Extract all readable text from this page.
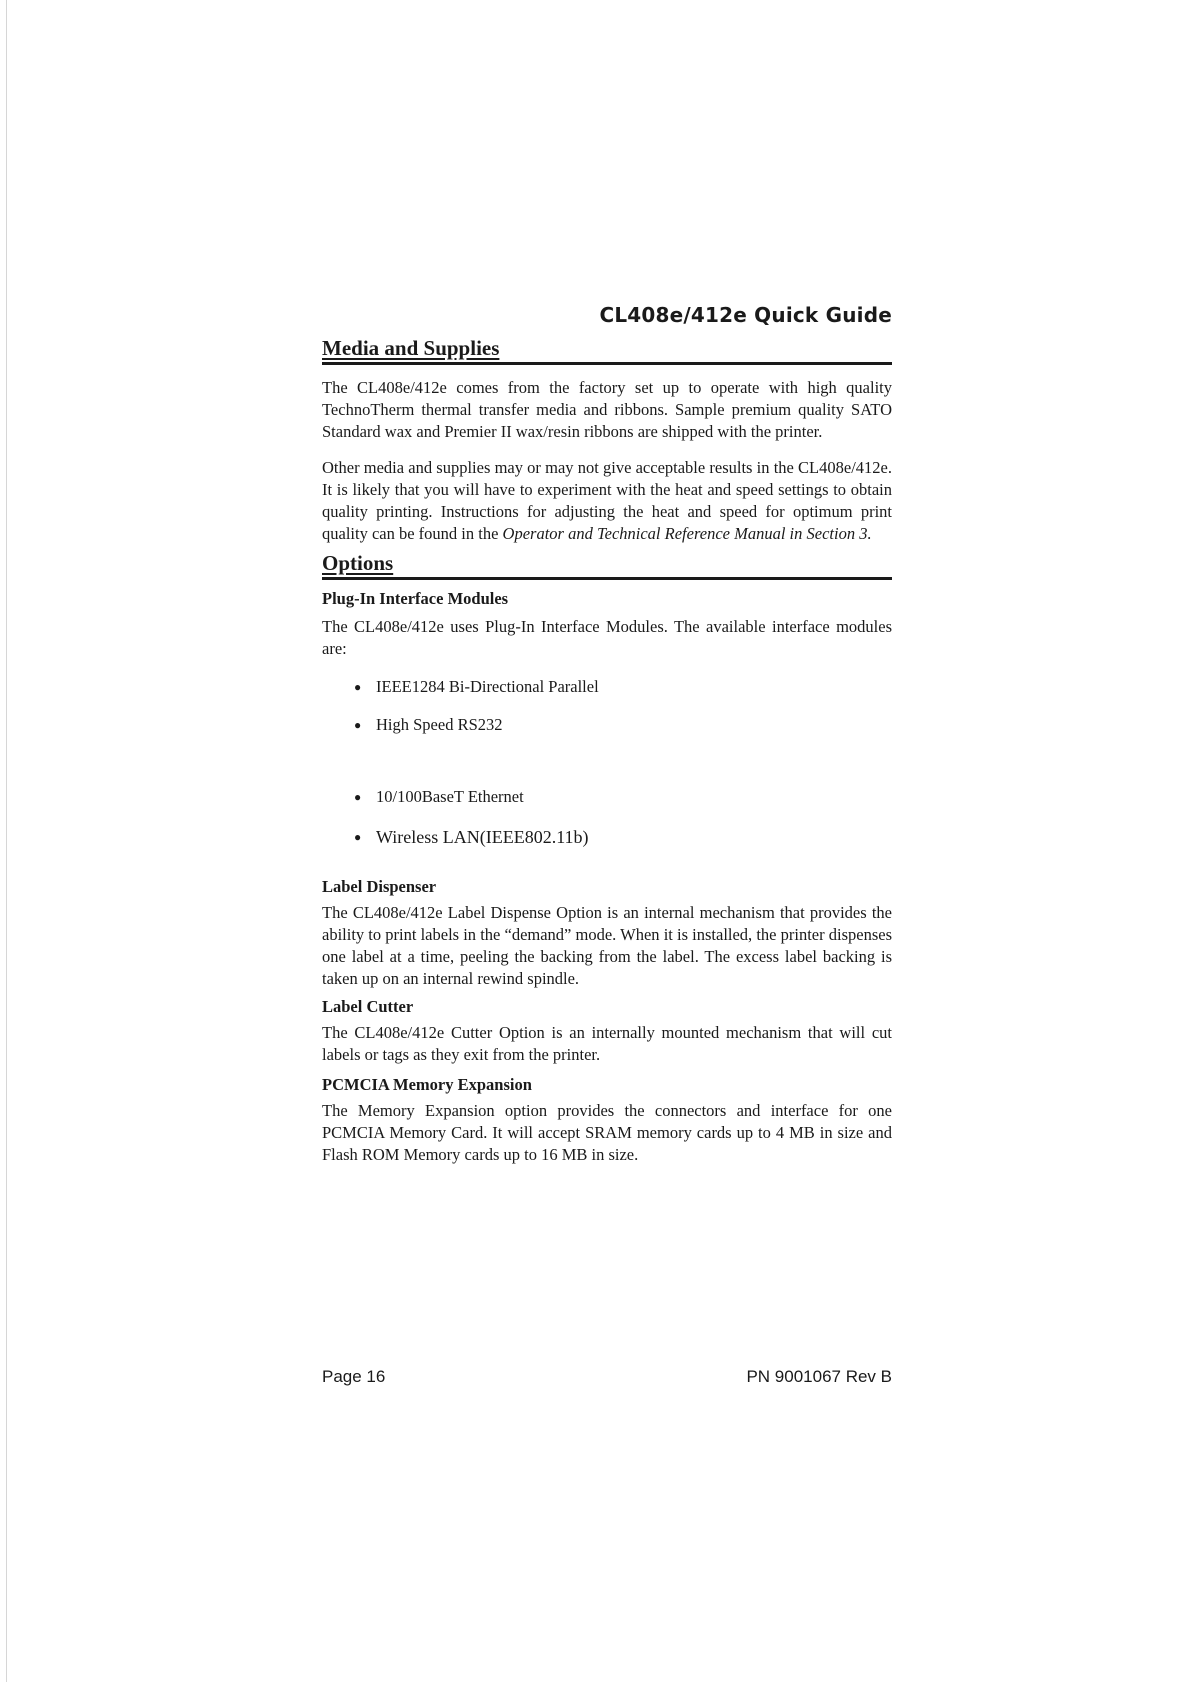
CL408e/412e Quick Guide
Media and Supplies

The CL408e/412e comes from the factory set up to operate with high quality TechnoTherm thermal transfer media and ribbons. Sample premium quality SATO Standard wax and Premier II wax/resin ribbons are shipped with the printer.

Other media and supplies may or may not give acceptable results in the CL408e/412e. It is likely that you will have to experiment with the heat and speed settings to obtain quality printing. Instructions for adjusting the heat and speed for optimum print quality can be found in the Operator and Technical Reference Manual in Section 3.

Options
Plug-In Interface Modules

The CL408e/412e uses Plug-In Interface Modules. The available interface modules are:

● IEEE1284 Bi-Directional Parallel
● High Speed RS232
● 10/100BaseT Ethernet
● Wireless LAN(IEEE802.11b)
Label Dispenser

The CL408e/412e Label Dispense Option is an internal mechanism that provides the ability to print labels in the “demand” mode. When it is installed, the printer dispenses one label at a time, peeling the backing from the label. The excess label backing is taken up on an internal rewind spindle.

Label Cutter

The CL408e/412e Cutter Option is an internally mounted mechanism that will cut labels or tags as they exit from the printer.

PCMCIA Memory Expansion

The Memory Expansion option provides the connectors and interface for one PCMCIA Memory Card. It will accept SRAM memory cards up to 4 MB in size and Flash ROM Memory cards up to 16 MB in size.

Page 16	PN 9001067 Rev B
